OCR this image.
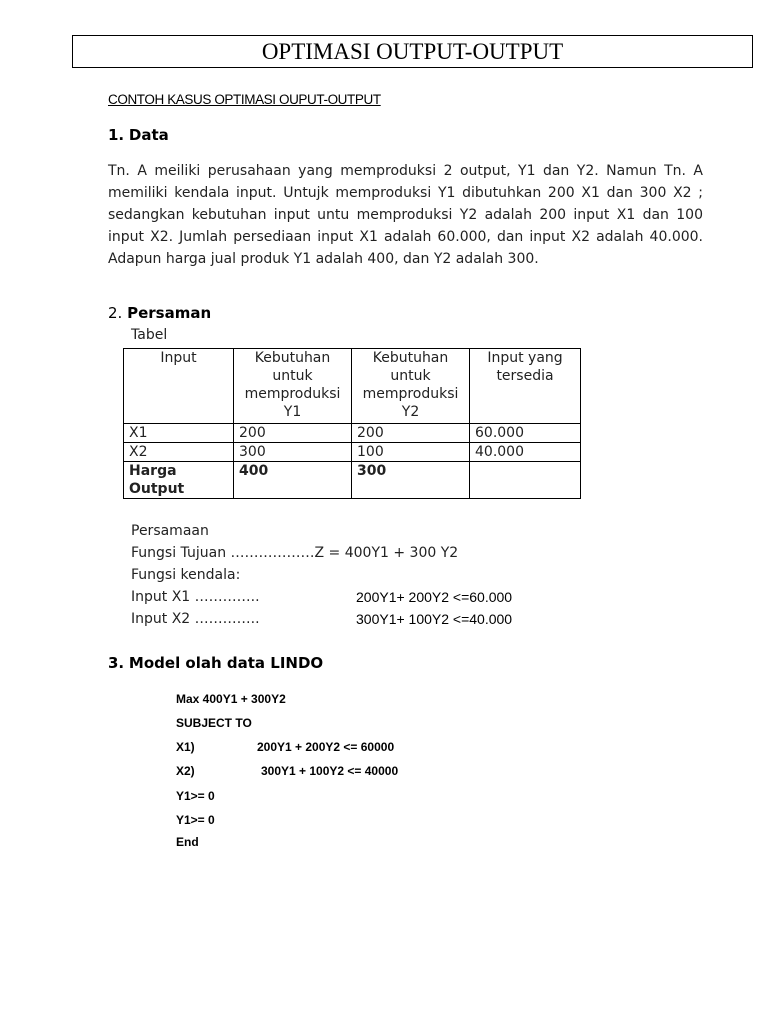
OPTIMASI OUTPUT-OUTPUT
CONTOH KASUS OPTIMASI OUPUT-OUTPUT
1. Data
Tn. A meiliki perusahaan yang memproduksi 2 output, Y1 dan Y2. Namun Tn. A memiliki kendala input. Untujk memproduksi Y1 dibutuhkan 200 X1 dan 300 X2 ; sedangkan kebutuhan input untu memproduksi Y2 adalah 200 input X1 dan 100 input X2. Jumlah persediaan input X1 adalah 60.000, dan input X2 adalah 40.000. Adapun harga jual produk Y1 adalah 400, dan Y2 adalah 300.
2. Persaman
Tabel
Input	Kebutuhan untuk memproduksi Y1	Kebutuhan untuk memproduksi Y2	Input yang tersedia
X1	200	200	60.000
X2	300	100	40.000
Harga Output	400	300	
Persamaan
Fungsi Tujuan ………………Z = 400Y1 + 300 Y2
Fungsi kendala:
Input X1 …………..	200Y1+ 200Y2 <=60.000
Input X2 …………..	300Y1+ 100Y2 <=40.000
3. Model olah data LINDO
Max 400Y1 + 300Y2
SUBJECT TO
X1)	200Y1 + 200Y2 <= 60000
X2)	300Y1 + 100Y2 <= 40000
Y1>= 0
Y1>= 0
End
